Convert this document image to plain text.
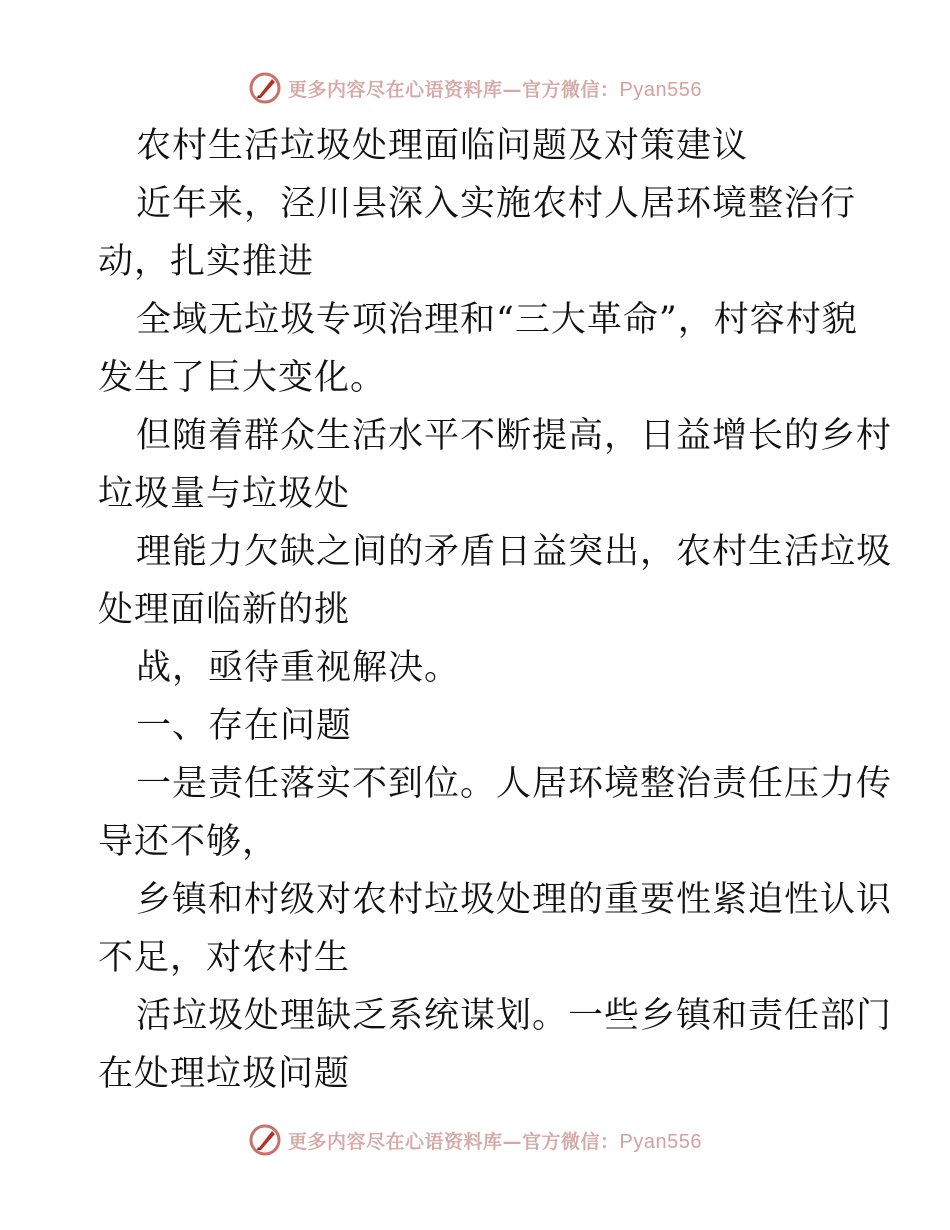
更多内容尽在心语资料库—官方微信：Pyan556
农村生活垃圾处理面临问题及对策建议
近年来，泾川县深入实施农村人居环境整治行
动，扎实推进
全域无垃圾专项治理和“三大革命”，村容村貌
发生了巨大变化。
但随着群众生活水平不断提高，日益增长的乡村
垃圾量与垃圾处
理能力欠缺之间的矛盾日益突出，农村生活垃圾
处理面临新的挑
战，亟待重视解决。
一、存在问题
一是责任落实不到位。人居环境整治责任压力传
导还不够，
乡镇和村级对农村垃圾处理的重要性紧迫性认识
不足，对农村生
活垃圾处理缺乏系统谋划。一些乡镇和责任部门
在处理垃圾问题
更多内容尽在心语资料库—官方微信：Pyan556
